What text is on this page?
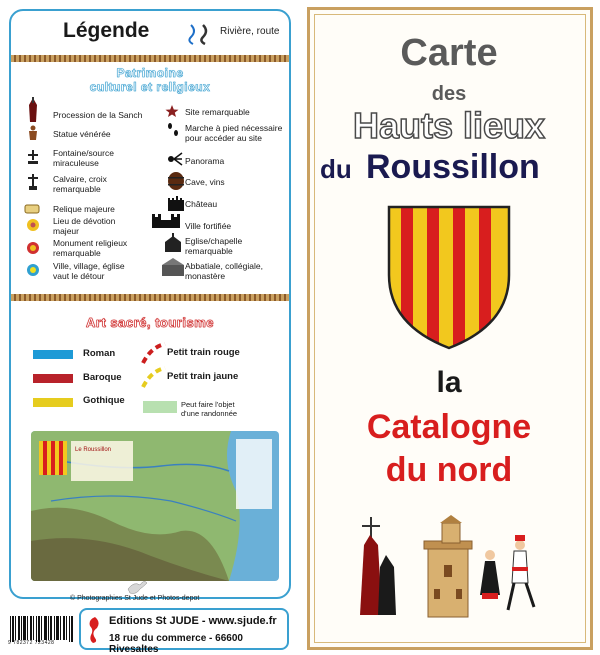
Légende	Rivière, route
Patrimoine
culturel et religieux
Procession de la Sanch
Statue vénérée
Fontaine/source
miraculeuse
Calvaire, croix
remarquable
Relique majeure
Lieu de dévotion
majeur
Monument religieux
remarquable
Ville, village, église
vaut le détour
Site remarquable
Marche à pied nécessaire
pour accéder au site
Panorama
Cave, vins
Château
Ville fortifiée
Eglise/chapelle
remarquable
Abbatiale, collégiale,
monastère
Art sacré, tourisme
Roman
Baroque
Gothique
Petit train rouge
Petit train jaune
Peut faire l'objet
d'une randonnée
Le Roussillon
© Photographies St Jude et Photos-depot
9 782372 723428
Editions St JUDE - www.sjude.fr
18 rue du commerce - 66600 Rivesaltes
Carte
des
Hauts lieux
du Roussillon
la
Catalogne
du nord
